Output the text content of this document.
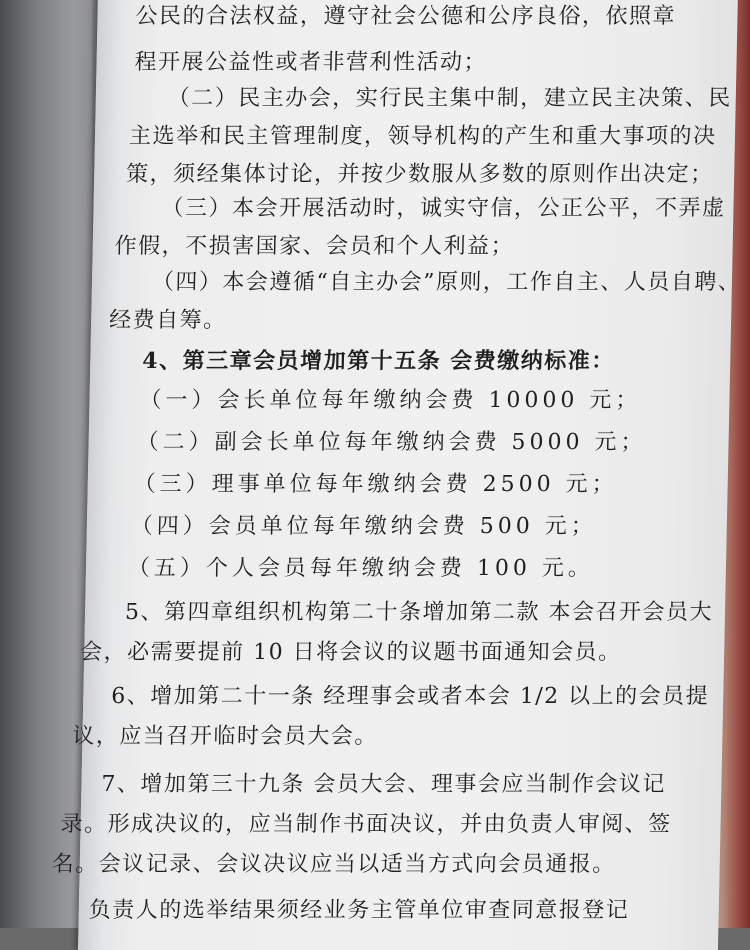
公民的合法权益，遵守社会公德和公序良俗，依照章
程开展公益性或者非营利性活动；
（二）民主办会，实行民主集中制，建立民主决策、民
主选举和民主管理制度，领导机构的产生和重大事项的决
策，须经集体讨论，并按少数服从多数的原则作出决定；
（三）本会开展活动时，诚实守信，公正公平，不弄虚
作假，不损害国家、会员和个人利益；
（四）本会遵循“自主办会”原则，工作自主、人员自聘、
经费自筹。
4、第三章会员增加第十五条 会费缴纳标准：
（一）会长单位每年缴纳会费 10000 元；
（二）副会长单位每年缴纳会费 5000 元；
（三）理事单位每年缴纳会费 2500 元；
（四）会员单位每年缴纳会费 500 元；
（五）个人会员每年缴纳会费 100 元。
5、第四章组织机构第二十条增加第二款 本会召开会员大
会，必需要提前 10 日将会议的议题书面通知会员。
6、增加第二十一条 经理事会或者本会 1/2 以上的会员提
议，应当召开临时会员大会。
7、增加第三十九条 会员大会、理事会应当制作会议记
录。形成决议的，应当制作书面决议，并由负责人审阅、签
名。会议记录、会议决议应当以适当方式向会员通报。
负责人的选举结果须经业务主管单位审查同意报登记
